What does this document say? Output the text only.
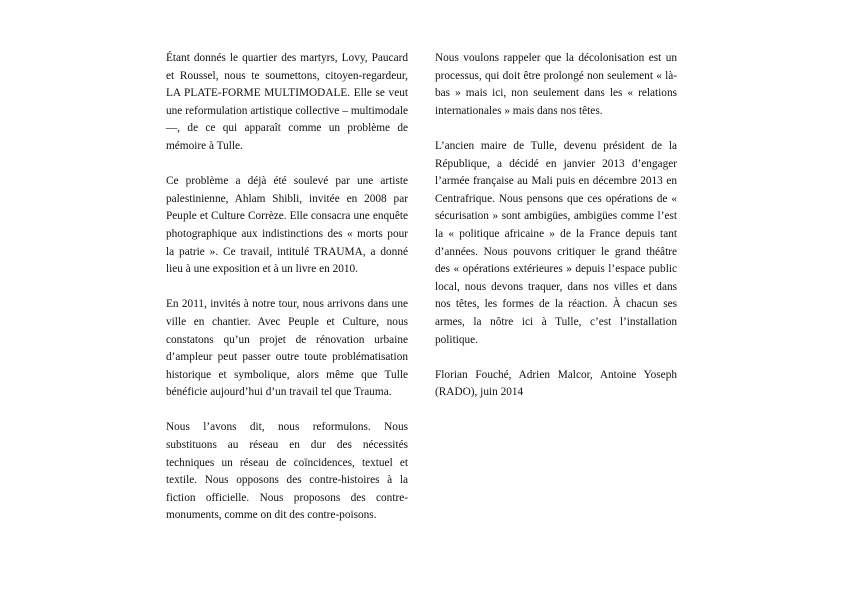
Étant donnés le quartier des martyrs, Lovy, Paucard et Roussel, nous te soumettons, citoyen-regardeur, LA PLATE-FORME MULTIMODALE. Elle se veut une reformulation artistique collective – multimodale —, de ce qui apparaît comme un problème de mémoire à Tulle.

Ce problème a déjà été soulevé par une artiste palestinienne, Ahlam Shibli, invitée en 2008 par Peuple et Culture Corrèze. Elle consacra une enquête photographique aux indistinctions des « morts pour la patrie ». Ce travail, intitulé TRAUMA, a donné lieu à une exposition et à un livre en 2010.

En 2011, invités à notre tour, nous arrivons dans une ville en chantier. Avec Peuple et Culture, nous constatons qu’un projet de rénovation urbaine d’ampleur peut passer outre toute problématisation historique et symbolique, alors même que Tulle bénéficie aujourd’hui d’un travail tel que Trauma.

Nous l’avons dit, nous reformulons. Nous substituons au réseau en dur des nécessités techniques un réseau de coïncidences, textuel et textile. Nous opposons des contre-histoires à la fiction officielle. Nous proposons des contre-monuments, comme on dit des contre-poisons.

Nous voulons rappeler que la décolonisation est un processus, qui doit être prolongé non seulement « là-bas » mais ici, non seulement dans les « relations internationales » mais dans nos têtes.

L’ancien maire de Tulle, devenu président de la République, a décidé en janvier 2013 d’engager l’armée française au Mali puis en décembre 2013 en Centrafrique. Nous pensons que ces opérations de « sécurisation » sont ambigües, ambigües comme l’est la « politique africaine » de la France depuis tant d’années. Nous pouvons critiquer le grand théâtre des « opérations extérieures » depuis l’espace public local, nous devons traquer, dans nos villes et dans nos têtes, les formes de la réaction. À chacun ses armes, la nôtre ici à Tulle, c’est l’installation politique.

Florian Fouché, Adrien Malcor, Antoine Yoseph (RADO), juin 2014
